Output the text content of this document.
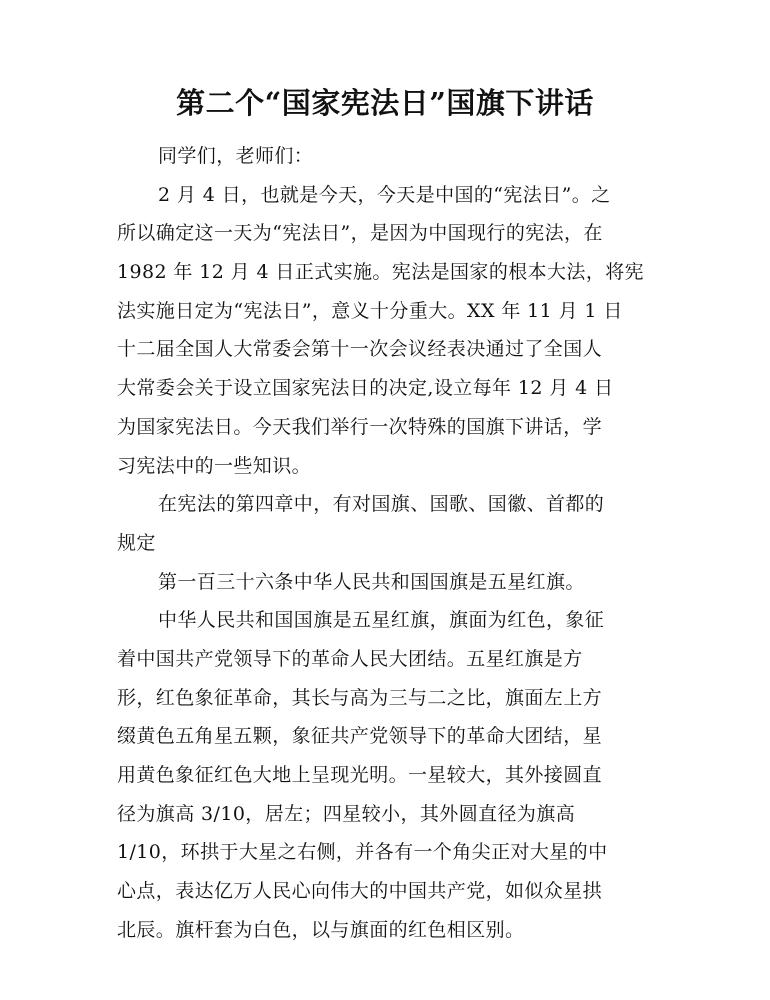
第二个“国家宪法日”国旗下讲话
同学们，老师们：
2 月 4 日，也就是今天，今天是中国的“宪法日”。之
所以确定这一天为“宪法日”，是因为中国现行的宪法，在
1982 年 12 月 4 日正式实施。宪法是国家的根本大法，将宪
法实施日定为“宪法日”，意义十分重大。XX 年 11 月 1 日
十二届全国人大常委会第十一次会议经表决通过了全国人
大常委会关于设立国家宪法日的决定,设立每年 12 月 4 日
为国家宪法日。今天我们举行一次特殊的国旗下讲话，学
习宪法中的一些知识。
在宪法的第四章中，有对国旗、国歌、国徽、首都的
规定
第一百三十六条中华人民共和国国旗是五星红旗。
中华人民共和国国旗是五星红旗，旗面为红色，象征
着中国共产党领导下的革命人民大团结。五星红旗是方
形，红色象征革命，其长与高为三与二之比，旗面左上方
缀黄色五角星五颗，象征共产党领导下的革命大团结，星
用黄色象征红色大地上呈现光明。一星较大，其外接圆直
径为旗高 3/10，居左；四星较小，其外圆直径为旗高
1/10，环拱于大星之右侧，并各有一个角尖正对大星的中
心点，表达亿万人民心向伟大的中国共产党，如似众星拱
北辰。旗杆套为白色，以与旗面的红色相区别。
